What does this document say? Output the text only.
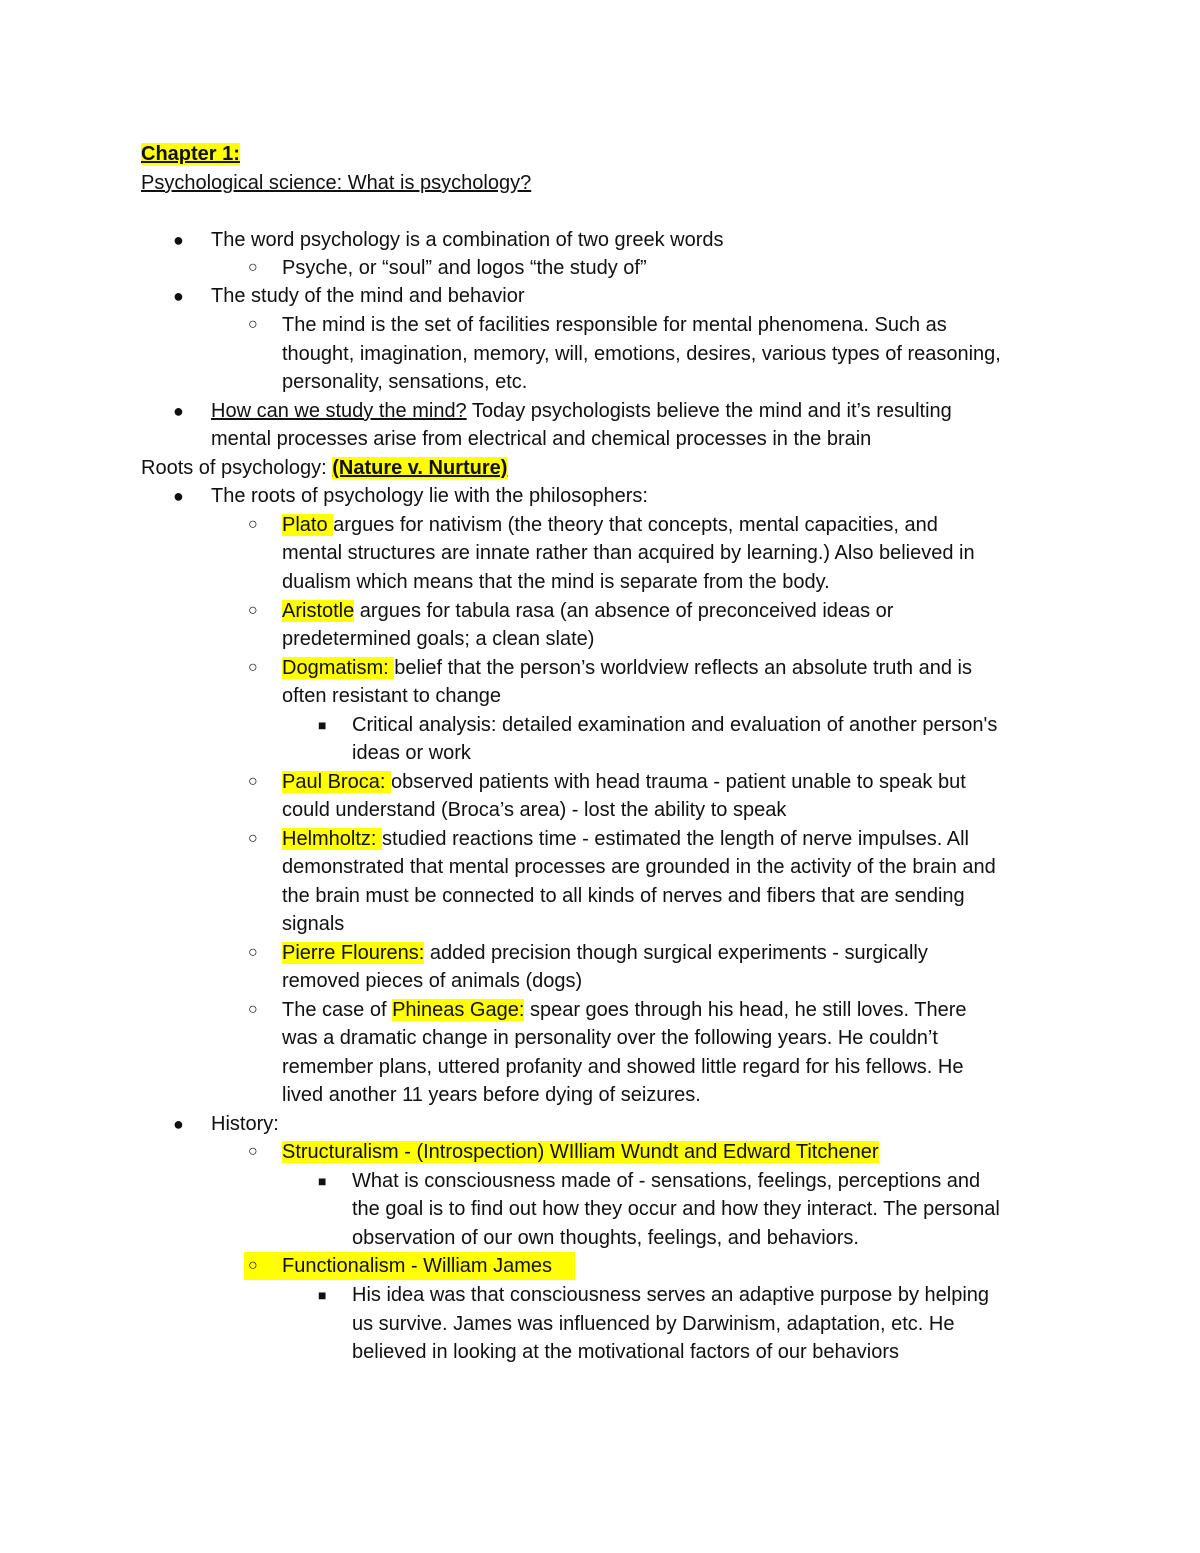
Chapter 1:
Psychological science: What is psychology?
● The word psychology is a combination of two greek words
○ Psyche, or “soul” and logos “the study of”
● The study of the mind and behavior
○ The mind is the set of facilities responsible for mental phenomena. Such as
thought, imagination, memory, will, emotions, desires, various types of reasoning,
personality, sensations, etc.
● How can we study the mind? Today psychologists believe the mind and it’s resulting
mental processes arise from electrical and chemical processes in the brain
Roots of psychology: (Nature v. Nurture)
● The roots of psychology lie with the philosophers:
○ Plato argues for nativism (the theory that concepts, mental capacities, and
mental structures are innate rather than acquired by learning.) Also believed in
dualism which means that the mind is separate from the body.
○ Aristotle argues for tabula rasa (an absence of preconceived ideas or
predetermined goals; a clean slate)
○ Dogmatism: belief that the person’s worldview reflects an absolute truth and is
often resistant to change
■ Critical analysis: detailed examination and evaluation of another person's
ideas or work
○ Paul Broca: observed patients with head trauma - patient unable to speak but
could understand (Broca’s area) - lost the ability to speak
○ Helmholtz: studied reactions time - estimated the length of nerve impulses. All
demonstrated that mental processes are grounded in the activity of the brain and
the brain must be connected to all kinds of nerves and fibers that are sending
signals
○ Pierre Flourens: added precision though surgical experiments - surgically
removed pieces of animals (dogs)
○ The case of Phineas Gage: spear goes through his head, he still loves. There
was a dramatic change in personality over the following years. He couldn’t
remember plans, uttered profanity and showed little regard for his fellows. He
lived another 11 years before dying of seizures.
● History:
○ Structuralism - (Introspection) WIlliam Wundt and Edward Titchener
■ What is consciousness made of - sensations, feelings, perceptions and
the goal is to find out how they occur and how they interact. The personal
observation of our own thoughts, feelings, and behaviors.
○ Functionalism - William James
■ His idea was that consciousness serves an adaptive purpose by helping
us survive. James was influenced by Darwinism, adaptation, etc. He
believed in looking at the motivational factors of our behaviors
